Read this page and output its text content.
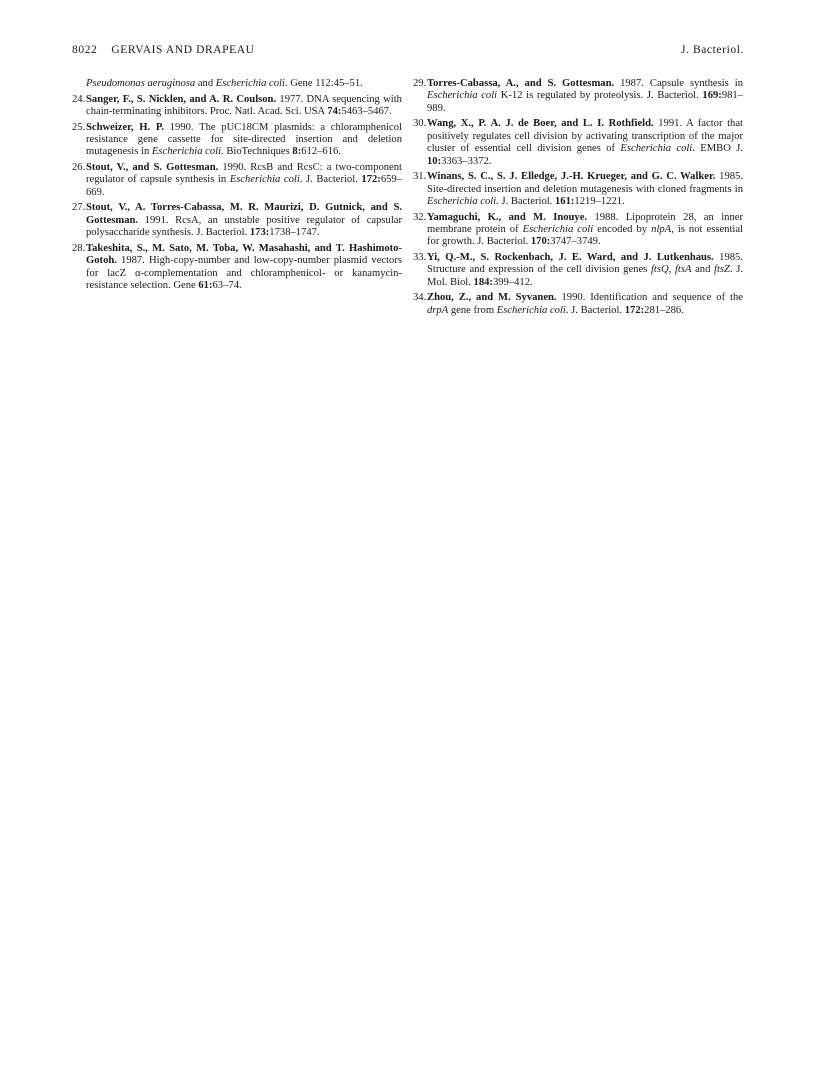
8022 GERVAIS AND DRAPEAU	J. Bacteriol.

Pseudomonas aeruginosa and Escherichia coli. Gene 112:45–51.

24.Sanger, F., S. Nicklen, and A. R. Coulson. 1977. DNA sequencing with chain-terminating inhibitors. Proc. Natl. Acad. Sci. USA 74:5463–5467.

25.Schweizer, H. P. 1990. The pUC18CM plasmids: a chloramphenicol resistance gene cassette for site-directed insertion and deletion mutagenesis in Escherichia coli. BioTechniques 8:612–616.

26.Stout, V., and S. Gottesman. 1990. RcsB and RcsC: a two-component regulator of capsule synthesis in Escherichia coli. J. Bacteriol. 172:659–669.

27.Stout, V., A. Torres-Cabassa, M. R. Maurizi, D. Gutnick, and S. Gottesman. 1991. RcsA, an unstable positive regulator of capsular polysaccharide synthesis. J. Bacteriol. 173:1738–1747.

28.Takeshita, S., M. Sato, M. Toba, W. Masahashi, and T. Hashimoto-Gotoh. 1987. High-copy-number and low-copy-number plasmid vectors for lacZ α-complementation and chloramphenicol- or kanamycin-resistance selection. Gene 61:63–74.

29.Torres-Cabassa, A., and S. Gottesman. 1987. Capsule synthesis in Escherichia coli K-12 is regulated by proteolysis. J. Bacteriol. 169:981–989.

30.Wang, X., P. A. J. de Boer, and L. I. Rothfield. 1991. A factor that positively regulates cell division by activating transcription of the major cluster of essential cell division genes of Escherichia coli. EMBO J. 10:3363–3372.

31.Winans, S. C., S. J. Elledge, J.-H. Krueger, and G. C. Walker. 1985. Site-directed insertion and deletion mutagenesis with cloned fragments in Escherichia coli. J. Bacteriol. 161:1219–1221.

32.Yamaguchi, K., and M. Inouye. 1988. Lipoprotein 28, an inner membrane protein of Escherichia coli encoded by nlpA, is not essential for growth. J. Bacteriol. 170:3747–3749.

33.Yi, Q.-M., S. Rockenbach, J. E. Ward, and J. Lutkenhaus. 1985. Structure and expression of the cell division genes ftsQ, ftsA and ftsZ. J. Mol. Biol. 184:399–412.

34.Zhou, Z., and M. Syvanen. 1990. Identification and sequence of the drpA gene from Escherichia coli. J. Bacteriol. 172:281–286.
